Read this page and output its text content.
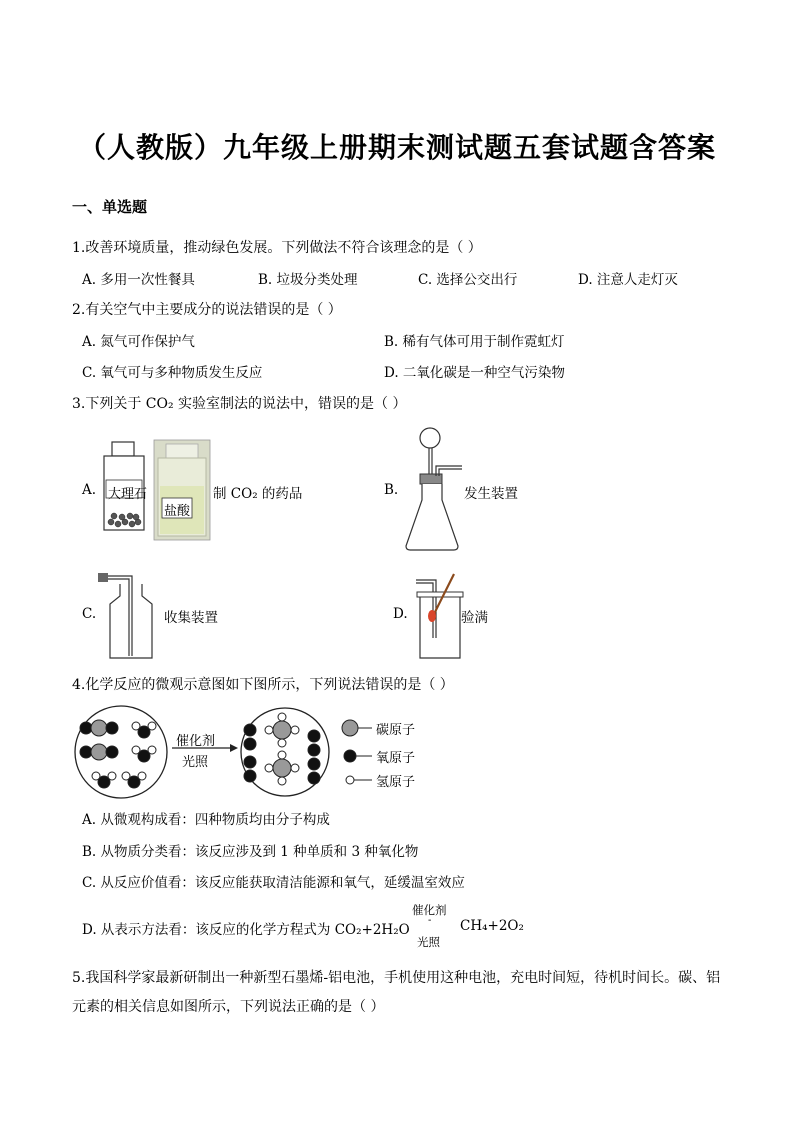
（人教版）九年级上册期末测试题五套试题含答案
一、单选题
1.改善环境质量，推动绿色发展。下列做法不符合该理念的是（ ）
A. 多用一次性餐具	B. 垃圾分类处理	C. 选择公交出行	D. 注意人走灯灭
2.有关空气中主要成分的说法错误的是（ ）
A. 氮气可作保护气	B. 稀有气体可用于制作霓虹灯
C. 氧气可与多种物质发生反应	D. 二氧化碳是一种空气污染物
3.下列关于 CO₂ 实验室制法的说法中，错误的是（ ）
A. 大理石
盐酸
制 CO₂ 的药品	B.	发生装置
C.	收集装置	D.	验满
4.化学反应的微观示意图如下图所示，下列说法错误的是（ ）
催化剂
光照
碳原子
氧原子
氢原子
A. 从微观构成看：四种物质均由分子构成
B. 从物质分类看：该反应涉及到 1 种单质和 3 种氧化物
C. 从反应价值看：该反应能获取清洁能源和氧气，延缓温室效应
D. 从表示方法看：该反应的化学方程式为 CO₂+2H₂O
催化剂
-
光照
CH₄+2O₂
5.我国科学家最新研制出一种新型石墨烯-铝电池，手机使用这种电池，充电时间短，待机时间长。碳、铝
元素的相关信息如图所示，下列说法正确的是（ ）
